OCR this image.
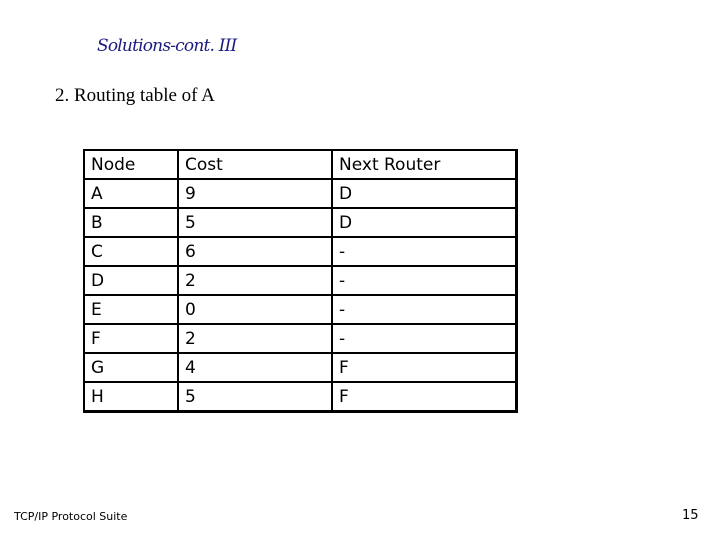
Solutions-cont. III
2. Routing table of A
Node	Cost	Next Router
A	9	D
B	5	D
C	6	-
D	2	-
E	0	-
F	2	-
G	4	F
H	5	F
TCP/IP Protocol Suite	15
